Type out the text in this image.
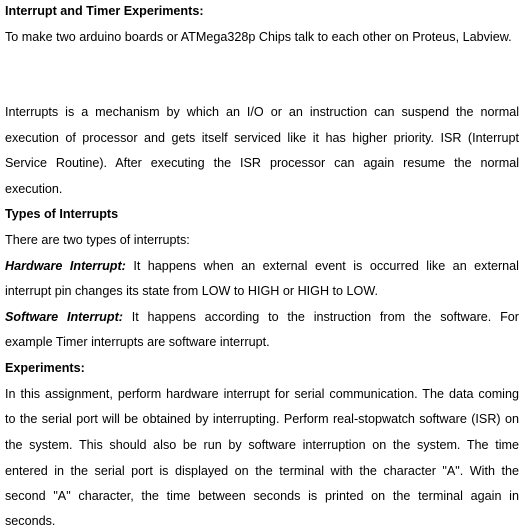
Interrupt and Timer Experiments:
To make two arduino boards or ATMega328p Chips talk to each other on Proteus, Labview.
Interrupts is a mechanism by which an I/O or an instruction can suspend the normal
execution of processor and gets itself serviced like it has higher priority. ISR (Interrupt
Service Routine). After executing the ISR processor can again resume the normal
execution.
Types of Interrupts
There are two types of interrupts:
Hardware Interrupt: It happens when an external event is occurred like an external
interrupt pin changes its state from LOW to HIGH or HIGH to LOW.
Software Interrupt: It happens according to the instruction from the software. For
example Timer interrupts are software interrupt.
Experiments:
In this assignment, perform hardware interrupt for serial communication. The data coming
to the serial port will be obtained by interrupting. Perform real-stopwatch software (ISR) on
the system. This should also be run by software interruption on the system. The time
entered in the serial port is displayed on the terminal with the character "A". With the
second "A" character, the time between seconds is printed on the terminal again in
seconds.
